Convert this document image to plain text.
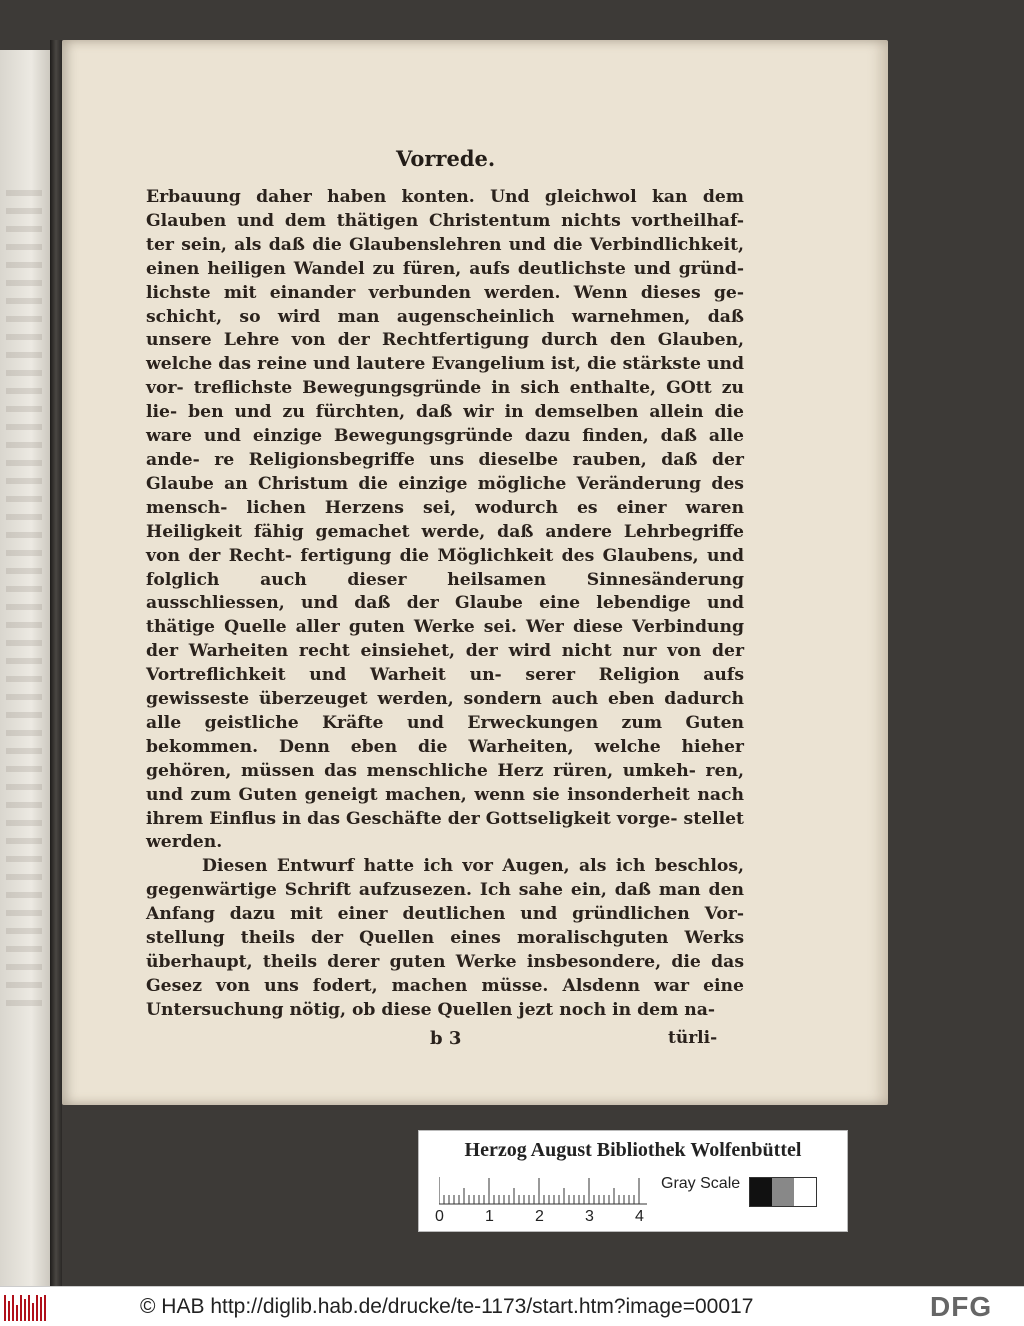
Vorrede.

Erbauung daher haben konten. Und gleichwol kan dem Glauben und dem thätigen Christentum nichts vortheilhaf- ter sein, als daß die Glaubenslehren und die Verbindlichkeit, einen heiligen Wandel zu füren, aufs deutlichste und gründ- lichste mit einander verbunden werden. Wenn dieses ge- schicht, so wird man augenscheinlich warnehmen, daß unsere Lehre von der Rechtfertigung durch den Glauben, welche das reine und lautere Evangelium ist, die stärkste und vor- treflichste Bewegungsgründe in sich enthalte, GOtt zu lie- ben und zu fürchten, daß wir in demselben allein die ware und einzige Bewegungsgründe dazu finden, daß alle ande- re Religionsbegriffe uns dieselbe rauben, daß der Glaube an Christum die einzige mögliche Veränderung des mensch- lichen Herzens sei, wodurch es einer waren Heiligkeit fähig gemachet werde, daß andere Lehrbegriffe von der Recht- fertigung die Möglichkeit des Glaubens, und folglich auch dieser heilsamen Sinnesänderung ausschliessen, und daß der Glaube eine lebendige und thätige Quelle aller guten Werke sei. Wer diese Verbindung der Warheiten recht einsiehet, der wird nicht nur von der Vortreflichkeit und Warheit un- serer Religion aufs gewisseste überzeuget werden, sondern auch eben dadurch alle geistliche Kräfte und Erweckungen zum Guten bekommen. Denn eben die Warheiten, welche hieher gehören, müssen das menschliche Herz rüren, umkeh- ren, und zum Guten geneigt machen, wenn sie insonderheit nach ihrem Einflus in das Geschäfte der Gottseligkeit vorge- stellet werden.

Diesen Entwurf hatte ich vor Augen, als ich beschlos, gegenwärtige Schrift aufzusezen. Ich sahe ein, daß man den Anfang dazu mit einer deutlichen und gründlichen Vor- stellung theils der Quellen eines moralischguten Werks überhaupt, theils derer guten Werke insbesondere, die das Gesez von uns fodert, machen müsse. Alsdenn war eine Untersuchung nötig, ob diese Quellen jezt noch in dem na-

b 3	türli-
Herzog August Bibliothek Wolfenbüttel
0	1	2	3	4
Gray Scale
© HAB http://diglib.hab.de/drucke/te-1173/start.htm?image=00017	DFG
